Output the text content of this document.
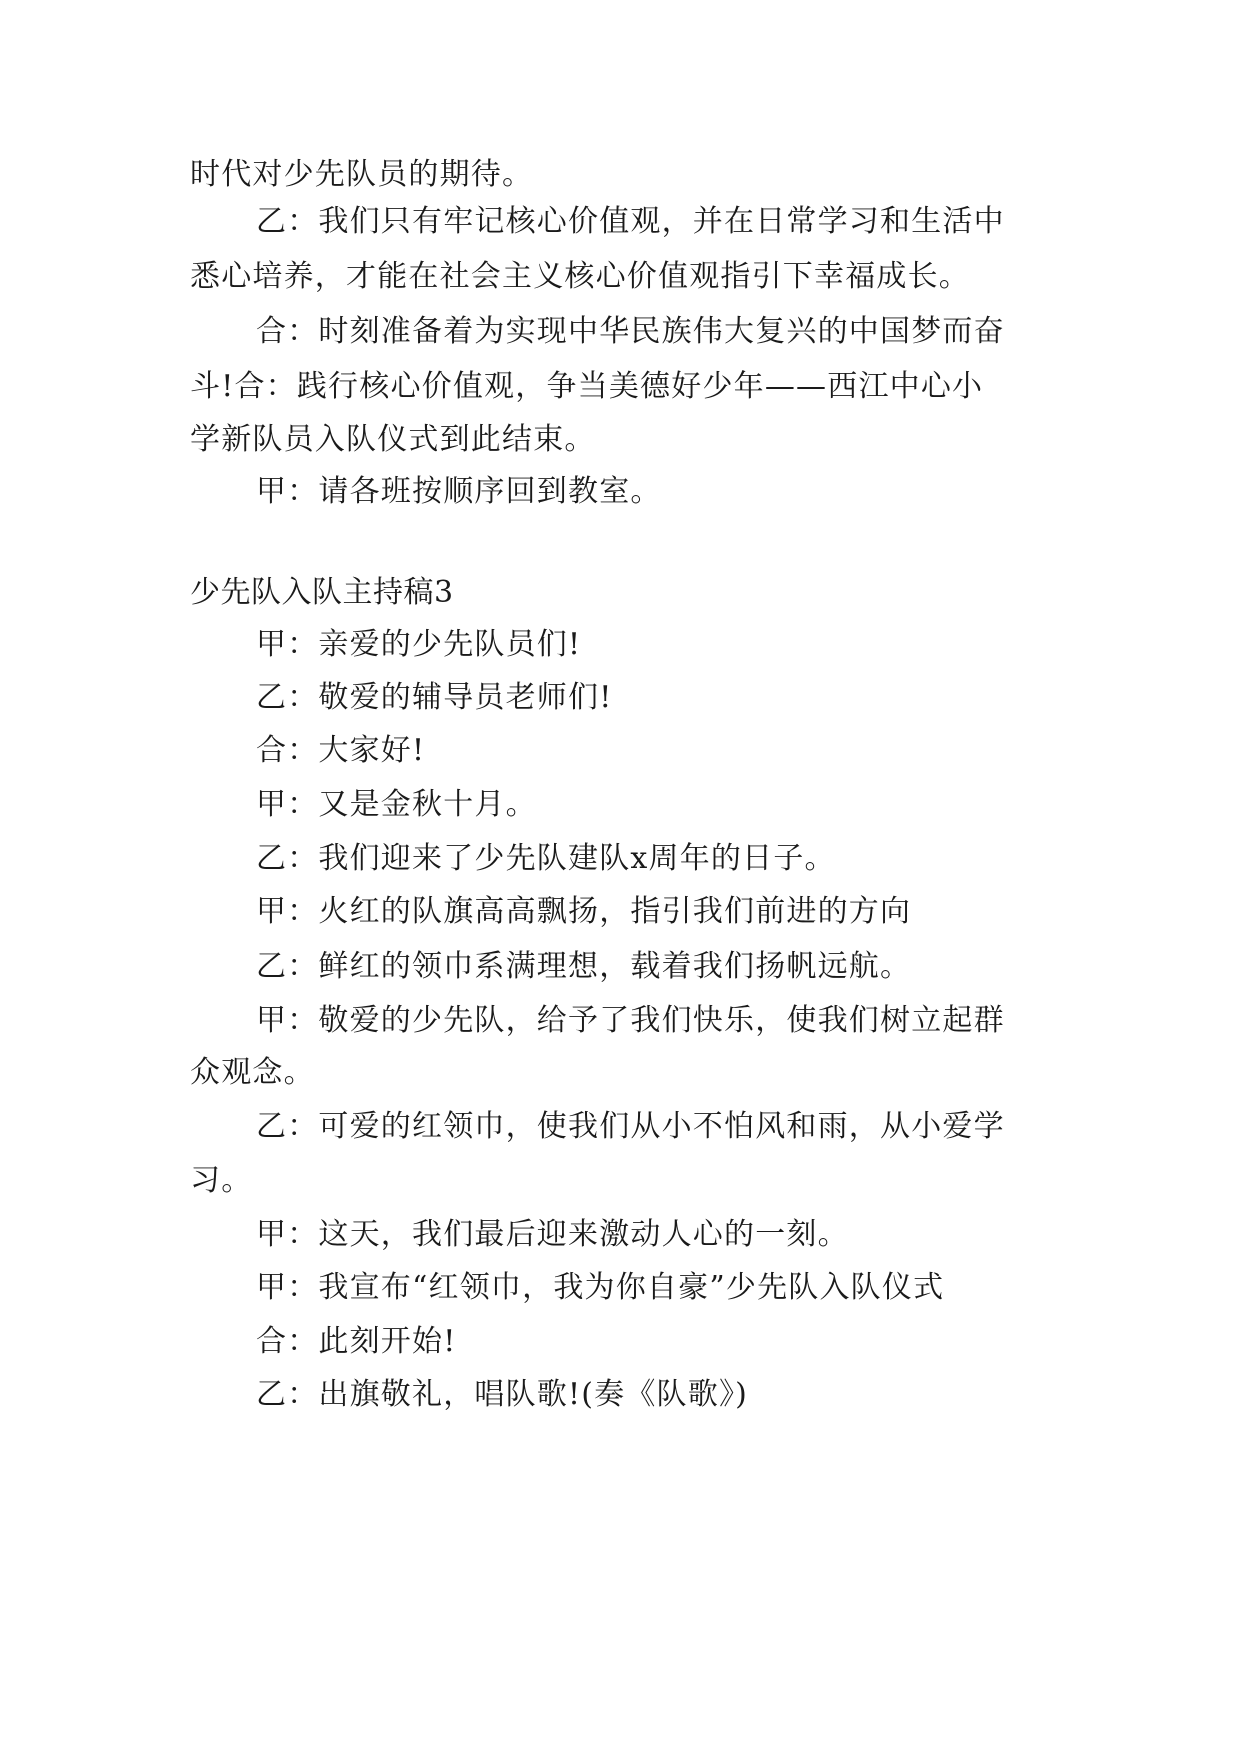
时代对少先队员的期待。
乙：我们只有牢记核心价值观，并在日常学习和生活中
悉心培养，才能在社会主义核心价值观指引下幸福成长。
合：时刻准备着为实现中华民族伟大复兴的中国梦而奋
斗!合：践行核心价值观，争当美德好少年——西江中心小
学新队员入队仪式到此结束。
甲：请各班按顺序回到教室。
少先队入队主持稿3
甲：亲爱的少先队员们!
乙：敬爱的辅导员老师们!
合：大家好!
甲：又是金秋十月。
乙：我们迎来了少先队建队x周年的日子。
甲：火红的队旗高高飘扬，指引我们前进的方向
乙：鲜红的领巾系满理想，载着我们扬帆远航。
甲：敬爱的少先队，给予了我们快乐，使我们树立起群
众观念。
乙：可爱的红领巾，使我们从小不怕风和雨，从小爱学
习。
甲：这天，我们最后迎来激动人心的一刻。
甲：我宣布“红领巾，我为你自豪”少先队入队仪式
合：此刻开始!
乙：出旗敬礼，唱队歌!(奏《队歌》)
